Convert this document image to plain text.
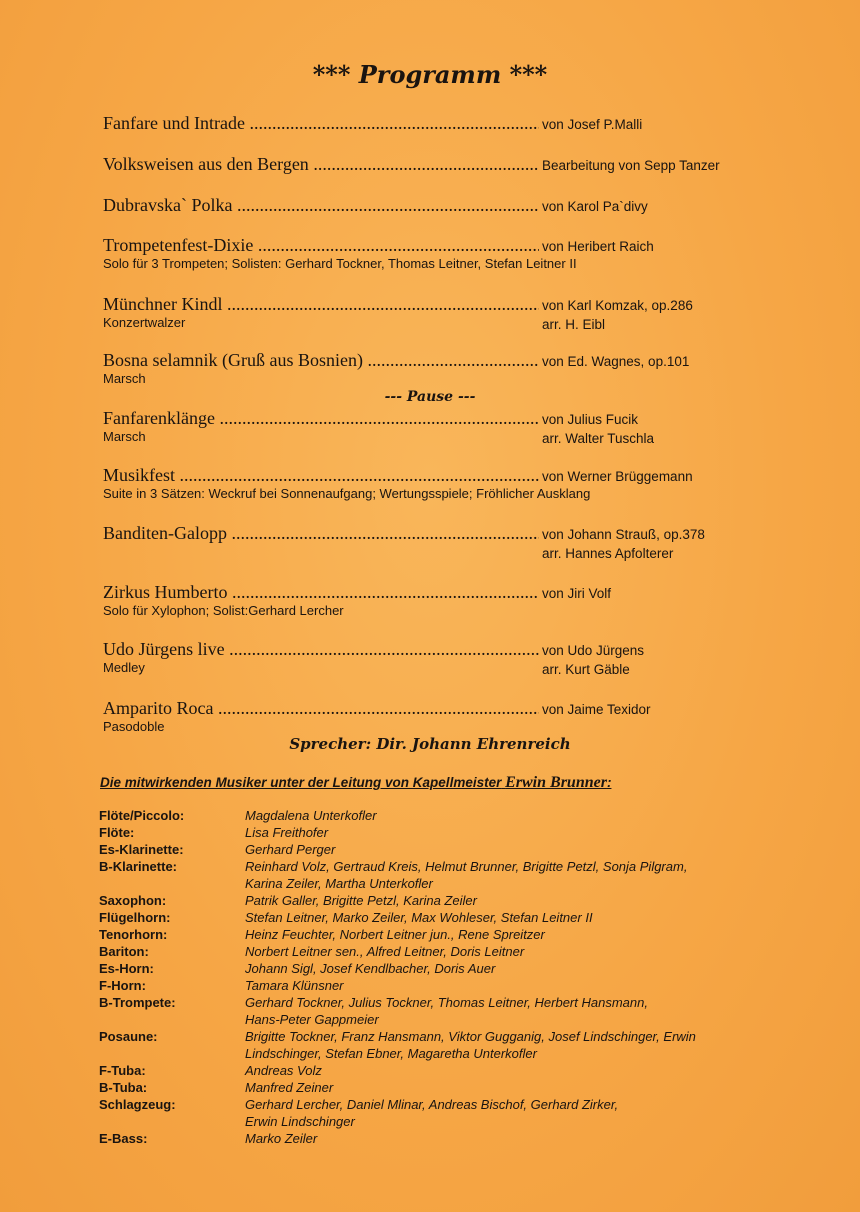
*** Programm ***
Fanfare und Intrade .....	von Josef P.Malli
Volksweisen aus den Bergen .....	Bearbeitung von Sepp Tanzer
Dubravska` Polka .....	von Karol Pa`divy
Trompetenfest-Dixie .....	von Heribert Raich
Solo für 3 Trompeten; Solisten: Gerhard Tockner, Thomas Leitner, Stefan Leitner II
Münchner Kindl .....	von Karl Komzak, op.286
Konzertwalzer	arr. H. Eibl
Bosna selamnik (Gruß aus Bosnien) .....	von Ed. Wagnes, op.101
Marsch
Fanfarenklänge .....	von Julius Fucik
Marsch	arr. Walter Tuschla
Musikfest .....	von Werner Brüggemann
Suite in 3 Sätzen: Weckruf bei Sonnenaufgang; Wertungsspiele; Fröhlicher Ausklang
Banditen-Galopp .....	von Johann Strauß, op.378
arr. Hannes Apfolterer
Zirkus Humberto .....	von Jiri Volf
Solo für Xylophon; Solist:Gerhard Lercher
Udo Jürgens live .....	von Udo Jürgens
Medley	arr. Kurt Gäble
Amparito Roca .....	von Jaime Texidor
Pasodoble
--- Pause ---
Sprecher: Dir. Johann Ehrenreich
Die mitwirkenden Musiker unter der Leitung von Kapellmeister Erwin Brunner:
Flöte/Piccolo:	Magdalena Unterkofler
Flöte:	Lisa Freithofer
Es-Klarinette:	Gerhard Perger
B-Klarinette:	Reinhard Volz, Gertraud Kreis, Helmut Brunner, Brigitte Petzl, Sonja Pilgram,
Karina Zeiler, Martha Unterkofler
Saxophon:	Patrik Galler, Brigitte Petzl, Karina Zeiler
Flügelhorn:	Stefan Leitner, Marko Zeiler, Max Wohleser, Stefan Leitner II
Tenorhorn:	Heinz Feuchter, Norbert Leitner jun., Rene Spreitzer
Bariton:	Norbert Leitner sen., Alfred Leitner, Doris Leitner
Es-Horn:	Johann Sigl, Josef Kendlbacher, Doris Auer
F-Horn:	Tamara Klünsner
B-Trompete:	Gerhard Tockner, Julius Tockner, Thomas Leitner, Herbert Hansmann,
Hans-Peter Gappmeier
Posaune:	Brigitte Tockner, Franz Hansmann, Viktor Gugganig, Josef Lindschinger, Erwin
Lindschinger, Stefan Ebner, Magaretha Unterkofler
F-Tuba:	Andreas Volz
B-Tuba:	Manfred Zeiner
Schlagzeug:	Gerhard Lercher, Daniel Mlinar, Andreas Bischof, Gerhard Zirker,
Erwin Lindschinger
E-Bass:	Marko Zeiler
